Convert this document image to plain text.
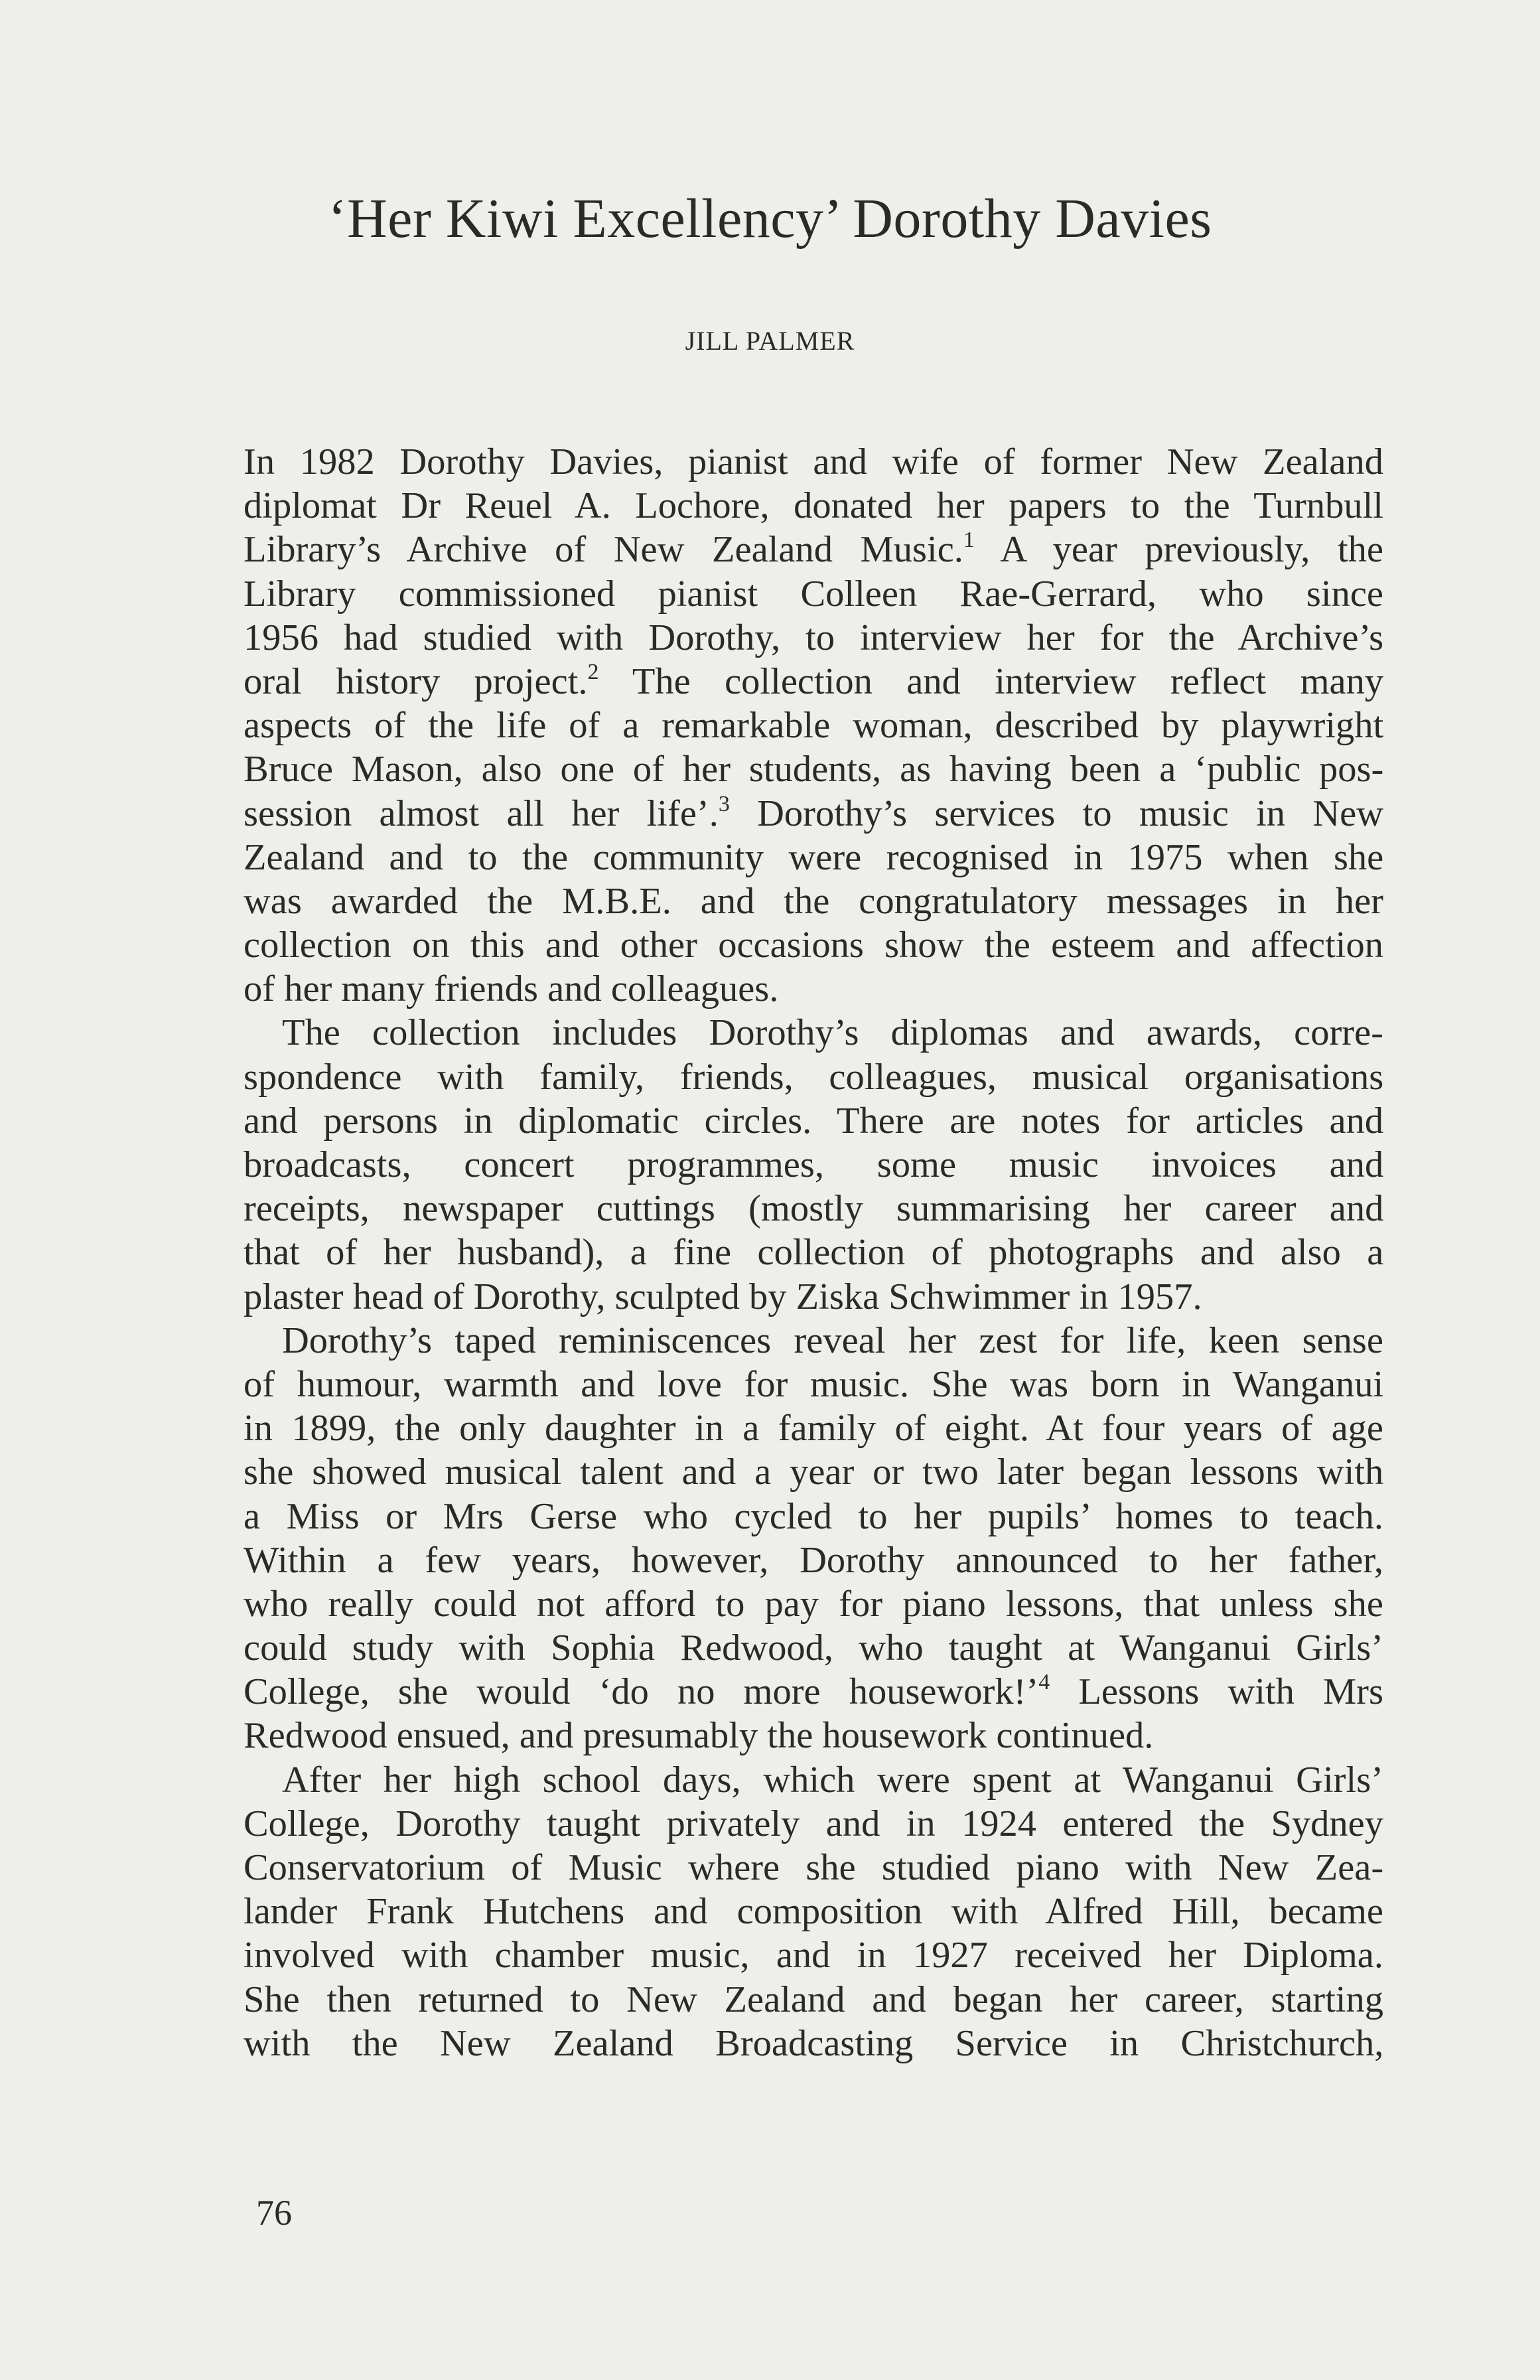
‘Her Kiwi Excellency’ Dorothy Davies
JILL PALMER

In 1982 Dorothy Davies, pianist and wife of former New Zealand
diplomat Dr Reuel A. Lochore, donated her papers to the Turnbull
Library’s Archive of New Zealand Music.$^1$ A year previously, the
Library commissioned pianist Colleen Rae-Gerrard, who since
1956 had studied with Dorothy, to interview her for the Archive’s
oral history project.$^2$ The collection and interview reflect many
aspects of the life of a remarkable woman, described by playwright
Bruce Mason, also one of her students, as having been a ‘public pos-
session almost all her life’.$^3$ Dorothy’s services to music in New
Zealand and to the community were recognised in 1975 when she
was awarded the M.B.E. and the congratulatory messages in her
collection on this and other occasions show the esteem and affection
of her many friends and colleagues.

The collection includes Dorothy’s diplomas and awards, corre-
spondence with family, friends, colleagues, musical organisations
and persons in diplomatic circles. There are notes for articles and
broadcasts, concert programmes, some music invoices and
receipts, newspaper cuttings (mostly summarising her career and
that of her husband), a fine collection of photographs and also a
plaster head of Dorothy, sculpted by Ziska Schwimmer in 1957.

Dorothy’s taped reminiscences reveal her zest for life, keen sense
of humour, warmth and love for music. She was born in Wanganui
in 1899, the only daughter in a family of eight. At four years of age
she showed musical talent and a year or two later began lessons with
a Miss or Mrs Gerse who cycled to her pupils’ homes to teach.
Within a few years, however, Dorothy announced to her father,
who really could not afford to pay for piano lessons, that unless she
could study with Sophia Redwood, who taught at Wanganui Girls’
College, she would ‘do no more housework!’$^4$ Lessons with Mrs
Redwood ensued, and presumably the housework continued.

After her high school days, which were spent at Wanganui Girls’
College, Dorothy taught privately and in 1924 entered the Sydney
Conservatorium of Music where she studied piano with New Zea-
lander Frank Hutchens and composition with Alfred Hill, became
involved with chamber music, and in 1927 received her Diploma.
She then returned to New Zealand and began her career, starting
with the New Zealand Broadcasting Service in Christchurch,

76
